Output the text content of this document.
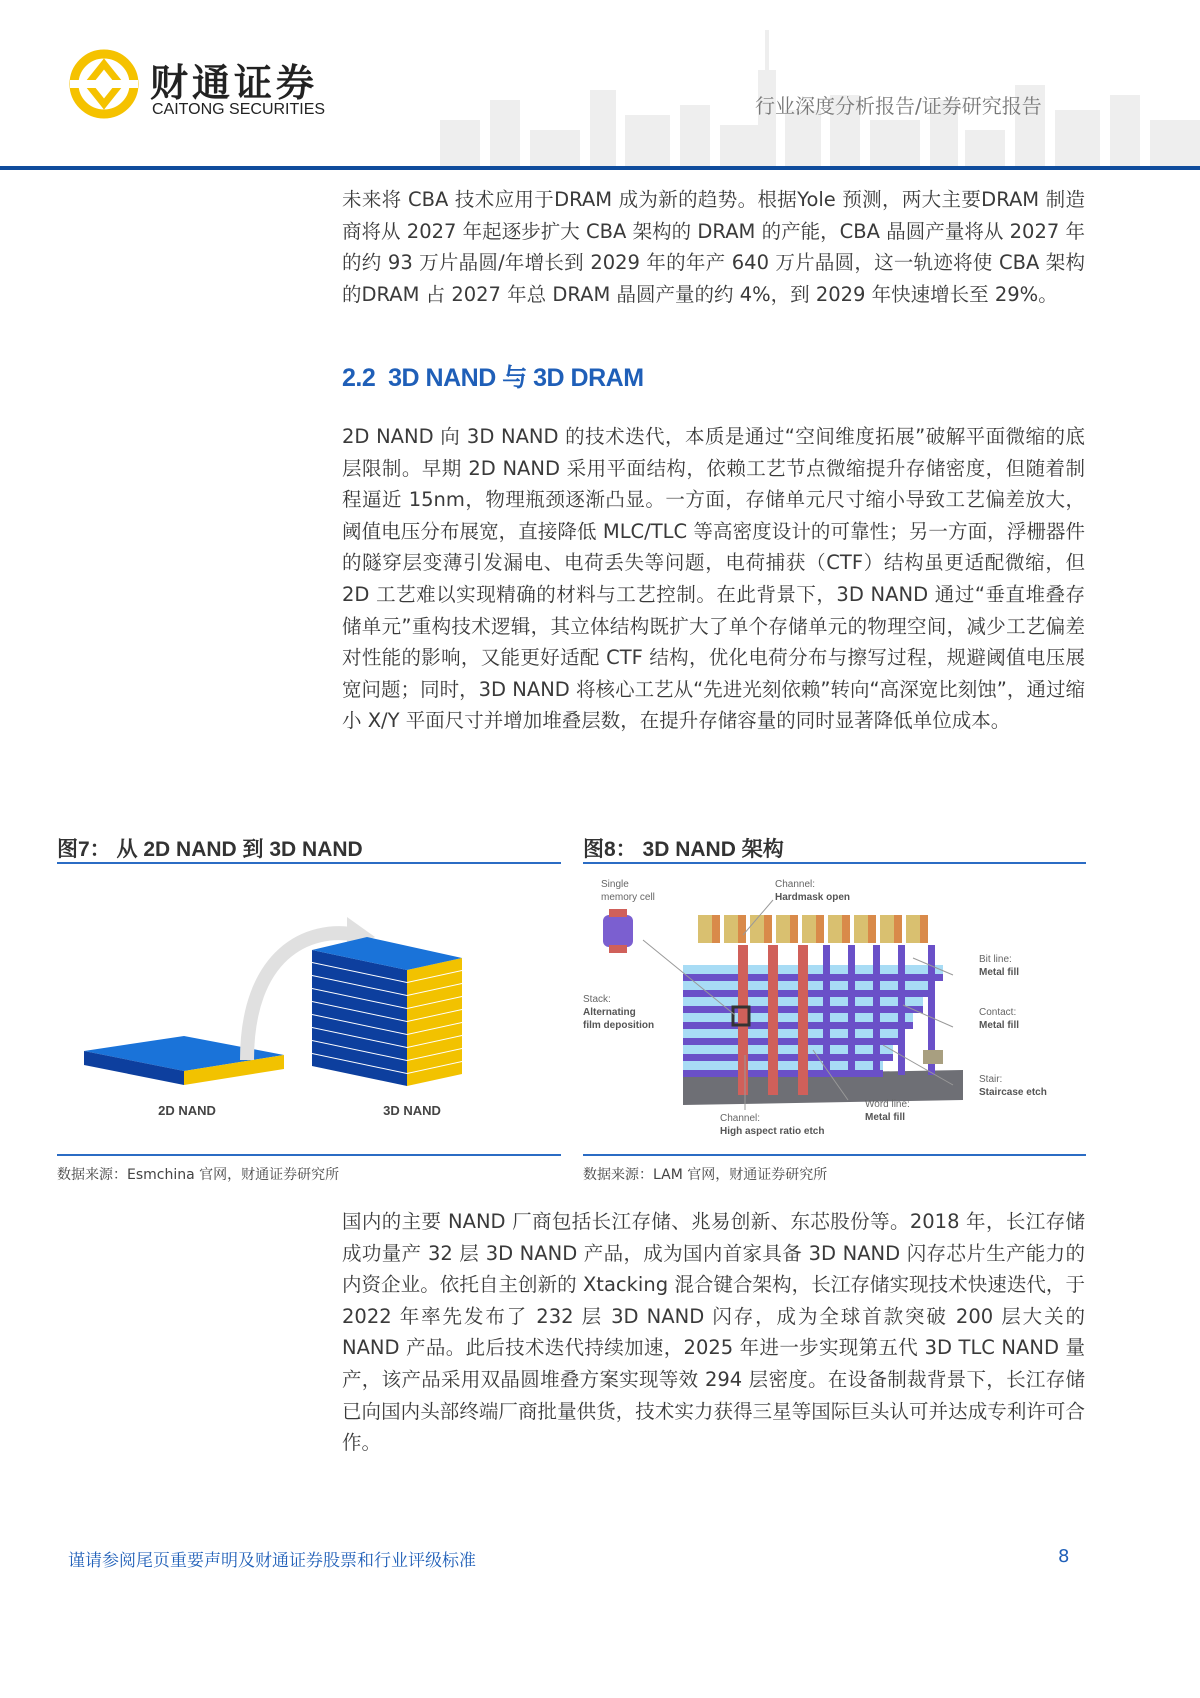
财通证券
CAITONG SECURITIES	行业深度分析报告/证券研究报告

未来将 CBA 技术应用于DRAM 成为新的趋势。根据Yole 预测，两大主要DRAM 制造商将从 2027 年起逐步扩大 CBA 架构的 DRAM 的产能，CBA 晶圆产量将从 2027 年的约 93 万片晶圆/年增长到 2029 年的年产 640 万片晶圆，这一轨迹将使 CBA 架构的DRAM 占 2027 年总 DRAM 晶圆产量的约 4%，到 2029 年快速增长至 29%。

2.2  3D NAND 与 3D DRAM

2D NAND 向 3D NAND 的技术迭代，本质是通过“空间维度拓展”破解平面微缩的底层限制。早期 2D NAND 采用平面结构，依赖工艺节点微缩提升存储密度，但随着制程逼近 15nm，物理瓶颈逐渐凸显。一方面，存储单元尺寸缩小导致工艺偏差放大，阈值电压分布展宽，直接降低 MLC/TLC 等高密度设计的可靠性；另一方面，浮栅器件的隧穿层变薄引发漏电、电荷丢失等问题，电荷捕获（CTF）结构虽更适配微缩，但 2D 工艺难以实现精确的材料与工艺控制。在此背景下，3D NAND 通过“垂直堆叠存储单元”重构技术逻辑，其立体结构既扩大了单个存储单元的物理空间，减少工艺偏差对性能的影响，又能更好适配 CTF 结构，优化电荷分布与擦写过程，规避阈值电压展宽问题；同时，3D NAND 将核心工艺从“先进光刻依赖”转向“高深宽比刻蚀”，通过缩小 X/Y 平面尺寸并增加堆叠层数，在提升存储容量的同时显著降低单位成本。

图7： 从 2D NAND 到 3D NAND
2D NAND	3D NAND
数据来源：Esmchina 官网，财通证券研究所
图8： 3D NAND 架构
Single
memory cell
Channel:
Hardmask open
Bit line:
Metal fill
Stack:
Alternating
film deposition
Contact:
Metal fill
Stair:
Staircase etch
Word line:
Metal fill
Channel:
High aspect ratio etch
数据来源：LAM 官网，财通证券研究所

国内的主要 NAND 厂商包括长江存储、兆易创新、东芯股份等。2018 年，长江存储成功量产 32 层 3D NAND 产品，成为国内首家具备 3D NAND 闪存芯片生产能力的内资企业。依托自主创新的 Xtacking 混合键合架构，长江存储实现技术快速迭代，于 2022 年率先发布了 232 层 3D NAND 闪存，成为全球首款突破 200 层大关的 NAND 产品。此后技术迭代持续加速，2025 年进一步实现第五代 3D TLC NAND 量产，该产品采用双晶圆堆叠方案实现等效 294 层密度。在设备制裁背景下，长江存储已向国内头部终端厂商批量供货，技术实力获得三星等国际巨头认可并达成专利许可合作。

谨请参阅尾页重要声明及财通证券股票和行业评级标准	8
